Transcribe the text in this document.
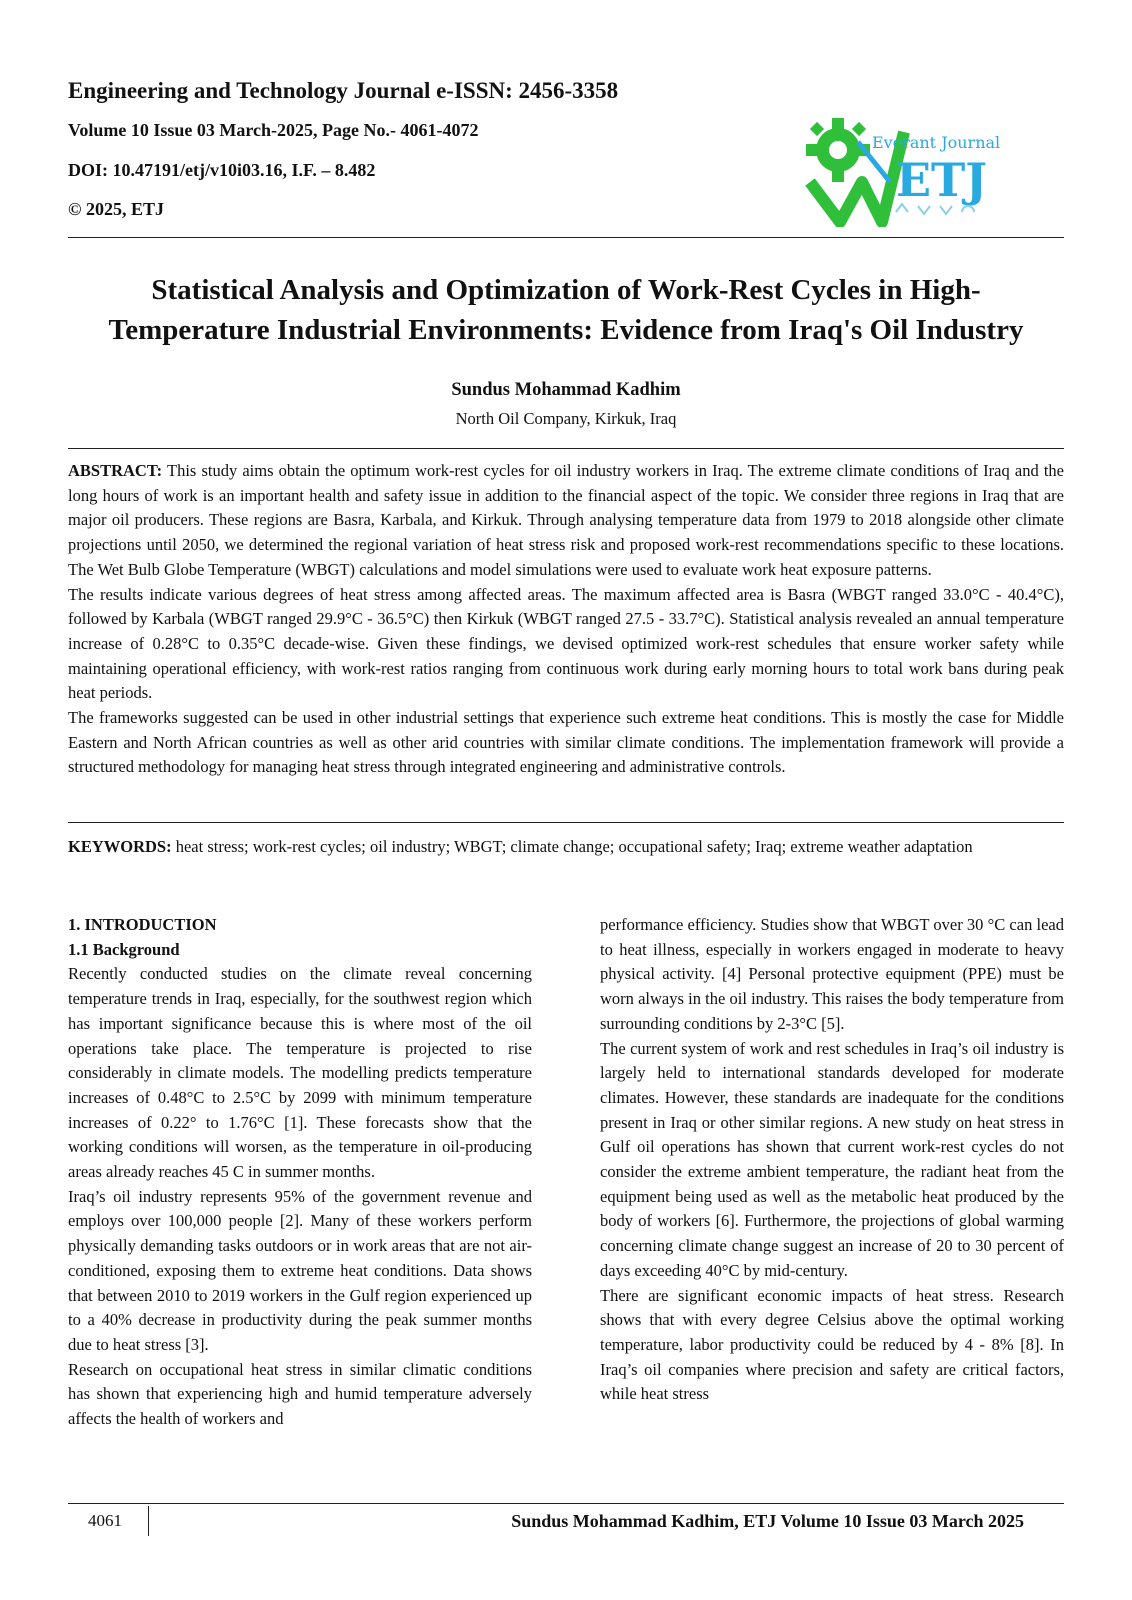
Engineering and Technology Journal e-ISSN: 2456-3358
Volume 10 Issue 03 March-2025, Page No.- 4061-4072
DOI: 10.47191/etj/v10i03.16, I.F. – 8.482
© 2025, ETJ
Everant Journal
ETJ
Statistical Analysis and Optimization of Work-Rest Cycles in High-
Temperature Industrial Environments: Evidence from Iraq's Oil Industry
Sundus Mohammad Kadhim
North Oil Company, Kirkuk, Iraq

ABSTRACT: This study aims obtain the optimum work-rest cycles for oil industry workers in Iraq. The extreme climate conditions of Iraq and the long hours of work is an important health and safety issue in addition to the financial aspect of the topic. We consider three regions in Iraq that are major oil producers. These regions are Basra, Karbala, and Kirkuk. Through analysing temperature data from 1979 to 2018 alongside other climate projections until 2050, we determined the regional variation of heat stress risk and proposed work-rest recommendations specific to these locations. The Wet Bulb Globe Temperature (WBGT) calculations and model simulations were used to evaluate work heat exposure patterns.

The results indicate various degrees of heat stress among affected areas. The maximum affected area is Basra (WBGT ranged 33.0°C - 40.4°C), followed by Karbala (WBGT ranged 29.9°C - 36.5°C) then Kirkuk (WBGT ranged 27.5 - 33.7°C). Statistical analysis revealed an annual temperature increase of 0.28°C to 0.35°C decade-wise. Given these findings, we devised optimized work-rest schedules that ensure worker safety while maintaining operational efficiency, with work-rest ratios ranging from continuous work during early morning hours to total work bans during peak heat periods.

The frameworks suggested can be used in other industrial settings that experience such extreme heat conditions. This is mostly the case for Middle Eastern and North African countries as well as other arid countries with similar climate conditions. The implementation framework will provide a structured methodology for managing heat stress through integrated engineering and administrative controls.

KEYWORDS: heat stress; work-rest cycles; oil industry; WBGT; climate change; occupational safety; Iraq; extreme weather adaptation

1. INTRODUCTION
1.1 Background

Recently conducted studies on the climate reveal concerning temperature trends in Iraq, especially, for the southwest region which has important significance because this is where most of the oil operations take place. The temperature is projected to rise considerably in climate models. The modelling predicts temperature increases of 0.48°C to 2.5°C by 2099 with minimum temperature increases of 0.22° to 1.76°C [1]. These forecasts show that the working conditions will worsen, as the temperature in oil-producing areas already reaches 45 C in summer months.

Iraq’s oil industry represents 95% of the government revenue and employs over 100,000 people [2]. Many of these workers perform physically demanding tasks outdoors or in work areas that are not air-conditioned, exposing them to extreme heat conditions. Data shows that between 2010 to 2019 workers in the Gulf region experienced up to a 40% decrease in productivity during the peak summer months due to heat stress [3].

Research on occupational heat stress in similar climatic conditions has shown that experiencing high and humid temperature adversely affects the health of workers and

performance efficiency. Studies show that WBGT over 30 °C can lead to heat illness, especially in workers engaged in moderate to heavy physical activity. [4] Personal protective equipment (PPE) must be worn always in the oil industry. This raises the body temperature from surrounding conditions by 2-3°C [5].

The current system of work and rest schedules in Iraq’s oil industry is largely held to international standards developed for moderate climates. However, these standards are inadequate for the conditions present in Iraq or other similar regions. A new study on heat stress in Gulf oil operations has shown that current work-rest cycles do not consider the extreme ambient temperature, the radiant heat from the equipment being used as well as the metabolic heat produced by the body of workers [6]. Furthermore, the projections of global warming concerning climate change suggest an increase of 20 to 30 percent of days exceeding 40°C by mid-century.

There are significant economic impacts of heat stress. Research shows that with every degree Celsius above the optimal working temperature, labor productivity could be reduced by 4 - 8% [8]. In Iraq’s oil companies where precision and safety are critical factors, while heat stress

4061	Sundus Mohammad Kadhim, ETJ Volume 10 Issue 03 March 2025
